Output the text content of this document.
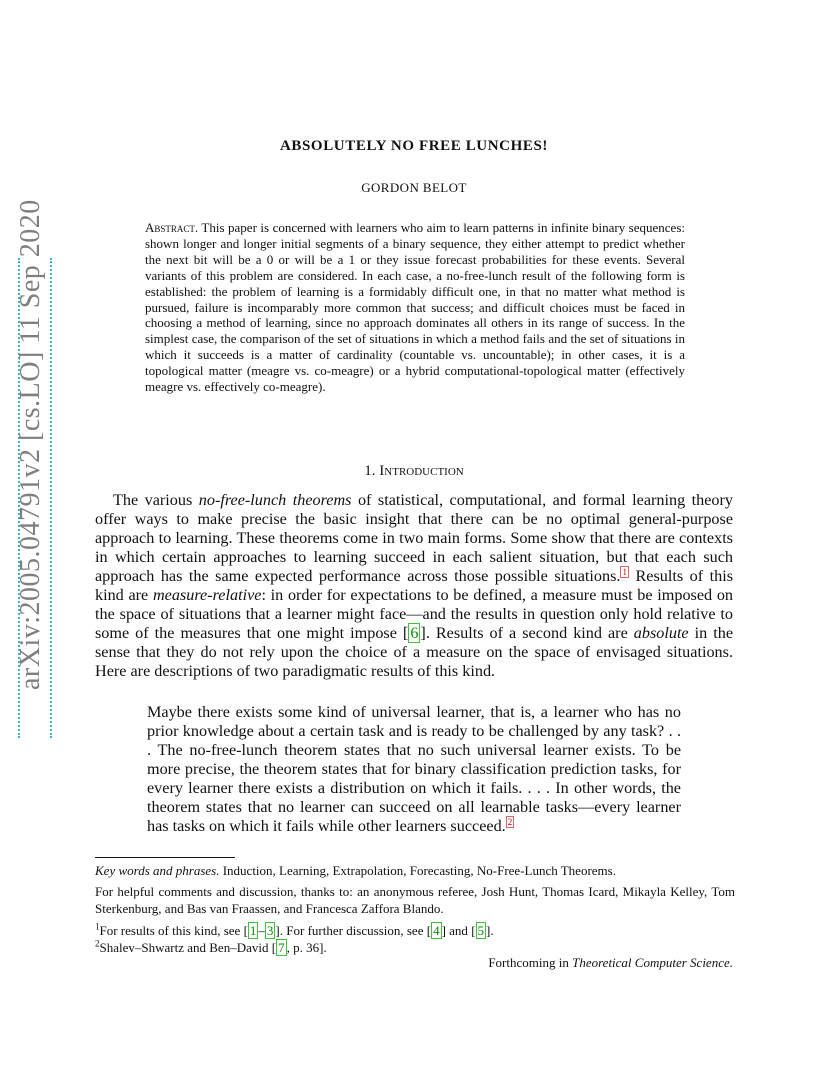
arXiv:2005.04791v2 [cs.LO] 11 Sep 2020
ABSOLUTELY NO FREE LUNCHES!
GORDON BELOT
Abstract. This paper is concerned with learners who aim to learn patterns in infinite binary sequences: shown longer and longer initial segments of a binary sequence, they either attempt to predict whether the next bit will be a 0 or will be a 1 or they issue forecast probabilities for these events. Several variants of this problem are considered. In each case, a no-free-lunch result of the following form is established: the problem of learning is a formidably difficult one, in that no matter what method is pursued, failure is incomparably more common that success; and difficult choices must be faced in choosing a method of learning, since no approach dominates all others in its range of success. In the simplest case, the comparison of the set of situations in which a method fails and the set of situations in which it succeeds is a matter of cardinality (countable vs. uncountable); in other cases, it is a topological matter (meagre vs. co-meagre) or a hybrid computational-topological matter (effectively meagre vs. effectively co-meagre).
1. Introduction
The various no-free-lunch theorems of statistical, computational, and formal learning theory offer ways to make precise the basic insight that there can be no optimal general-purpose approach to learning. These theorems come in two main forms. Some show that there are contexts in which certain approaches to learning succeed in each salient situation, but that each such approach has the same expected performance across those possible situations. $^1$ Results of this kind are measure-relative: in order for expectations to be defined, a measure must be imposed on the space of situations that a learner might face—and the results in question only hold relative to some of the measures that one might impose [ 6 ]. Results of a second kind are absolute in the sense that they do not rely upon the choice of a measure on the space of envisaged situations. Here are descriptions of two paradigmatic results of this kind.
Maybe there exists some kind of universal learner, that is, a learner who has no prior knowledge about a certain task and is ready to be challenged by any task? . . . The no-free-lunch theorem states that no such universal learner exists. To be more precise, the theorem states that for binary classification prediction tasks, for every learner there exists a distribution on which it fails. . . . In other words, the theorem states that no learner can succeed on all learnable tasks—every learner has tasks on which it fails while other learners succeed. $^2$
Key words and phrases. Induction, Learning, Extrapolation, Forecasting, No-Free-Lunch Theorems.
For helpful comments and discussion, thanks to: an anonymous referee, Josh Hunt, Thomas Icard, Mikayla Kelley, Tom Sterkenburg, and Bas van Fraassen, and Francesca Zaffora Blando.
$^1$For results of this kind, see [ 1 – 3 ]. For further discussion, see [ 4 ] and [ 5 ].
$^2$Shalev–Shwartz and Ben–David [ 7 , p. 36].
Forthcoming in Theoretical Computer Science.
